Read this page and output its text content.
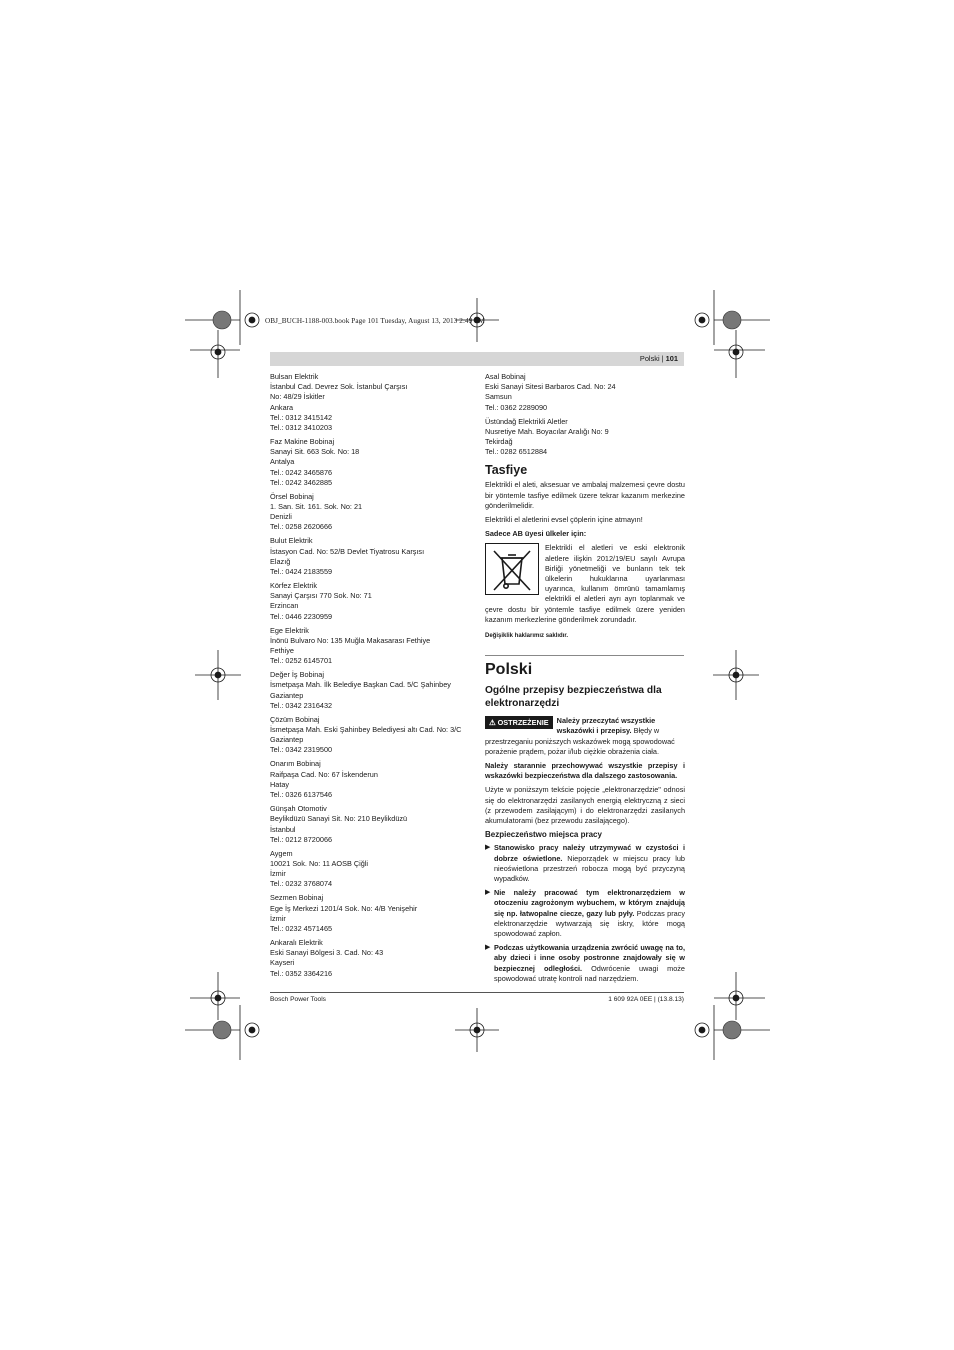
OBJ_BUCH-1188-003.book Page 101 Tuesday, August 13, 2013 2:49 PM
Polski | 101
Bulsan Elektrik
İstanbul Cad. Devrez Sok. İstanbul Çarşısı
No: 48/29 İskitler
Ankara
Tel.: 0312 3415142
Tel.: 0312 3410203
Faz Makine Bobinaj
Sanayi Sit. 663 Sok. No: 18
Antalya
Tel.: 0242 3465876
Tel.: 0242 3462885
Örsel Bobinaj
1. San. Sit. 161. Sok. No: 21
Denizli
Tel.: 0258 2620666
Bulut Elektrik
İstasyon Cad. No: 52/B Devlet Tiyatrosu Karşısı
Elazığ
Tel.: 0424 2183559
Körfez Elektrik
Sanayi Çarşısı 770 Sok. No: 71
Erzincan
Tel.: 0446 2230959
Ege Elektrik
İnönü Bulvaro No: 135 Muğla Makasarası Fethiye
Fethiye
Tel.: 0252 6145701
Değer İş Bobinaj
İsmetpaşa Mah. İlk Belediye Başkan Cad. 5/C Şahinbey
Gaziantep
Tel.: 0342 2316432
Çözüm Bobinaj
İsmetpaşa Mah. Eski Şahinbey Belediyesi altı Cad. No: 3/C
Gaziantep
Tel.: 0342 2319500
Onarım Bobinaj
Raifpaşa Cad. No: 67 İskenderun
Hatay
Tel.: 0326 6137546
Günşah Otomotiv
Beylikdüzü Sanayi Sit. No: 210 Beylikdüzü
İstanbul
Tel.: 0212 8720066
Aygem
10021 Sok. No: 11 AOSB Çiğli
İzmir
Tel.: 0232 3768074
Sezmen Bobinaj
Ege İş Merkezi 1201/4 Sok. No: 4/B Yenişehir
İzmir
Tel.: 0232 4571465
Ankaralı Elektrik
Eski Sanayi Bölgesi 3. Cad. No: 43
Kayseri
Tel.: 0352 3364216
Asal Bobinaj
Eski Sanayi Sitesi Barbaros Cad. No: 24
Samsun
Tel.: 0362 2289090
Üstündağ Elektrikli Aletler
Nusretiye Mah. Boyacılar Aralığı No: 9
Tekirdağ
Tel.: 0282 6512884
Tasfiye

Elektrikli el aleti, aksesuar ve ambalaj malzemesi çevre dostu bir yöntemle tasfiye edilmek üzere tekrar kazanım merkezine gönderilmelidir.

Elektrikli el aletlerini evsel çöplerin içine atmayın!

Sadece AB üyesi ülkeler için:

Elektrikli el aletleri ve eski elektronik aletlere ilişkin 2012/19/EU sayılı Avrupa Birliği yönetmeliği ve bunların tek tek ülkelerin hukuklarına uyarlanması uyarınca, kullanım ömrünü tamamlamış elektrikli el aletleri ayrı ayrı toplanmak ve çevre dostu bir yöntemle tasfiye edilmek üzere yeniden kazanım merkezlerine gönderilmek zorundadır.

Değişiklik haklarımız saklıdır.
Polski
Ogólne przepisy bezpieczeństwa dla elektronarzędzi
⚠ OSTRZEŻENIE	Należy przeczytać wszystkie wskazówki i przepisy. Błędy w przestrzeganiu poniższych wskazówek mogą spowodować porażenie prądem, pożar i/lub ciężkie obrażenia ciała.

Należy starannie przechowywać wszystkie przepisy i wskazówki bezpieczeństwa dla dalszego zastosowania.

Użyte w poniższym tekście pojęcie „elektronarzędzie" odnosi się do elektronarzędzi zasilanych energią elektryczną z sieci (z przewodem zasilającym) i do elektronarzędzi zasilanych akumulatorami (bez przewodu zasilającego).

Bezpieczeństwo miejsca pracy
▶ Stanowisko pracy należy utrzymywać w czystości i dobrze oświetlone. Nieporządek w miejscu pracy lub nieoświetlona przestrzeń robocza mogą być przyczyną wypadków.
▶ Nie należy pracować tym elektronarzędziem w otoczeniu zagrożonym wybuchem, w którym znajdują się np. łatwopalne ciecze, gazy lub pyły. Podczas pracy elektronarzędzie wytwarzają się iskry, które mogą spowodować zapłon.
▶ Podczas użytkowania urządzenia zwrócić uwagę na to, aby dzieci i inne osoby postronne znajdowały się w bezpiecznej odległości. Odwrócenie uwagi może spowodować utratę kontroli nad narzędziem.
Bosch Power Tools	1 609 92A 0EE | (13.8.13)
